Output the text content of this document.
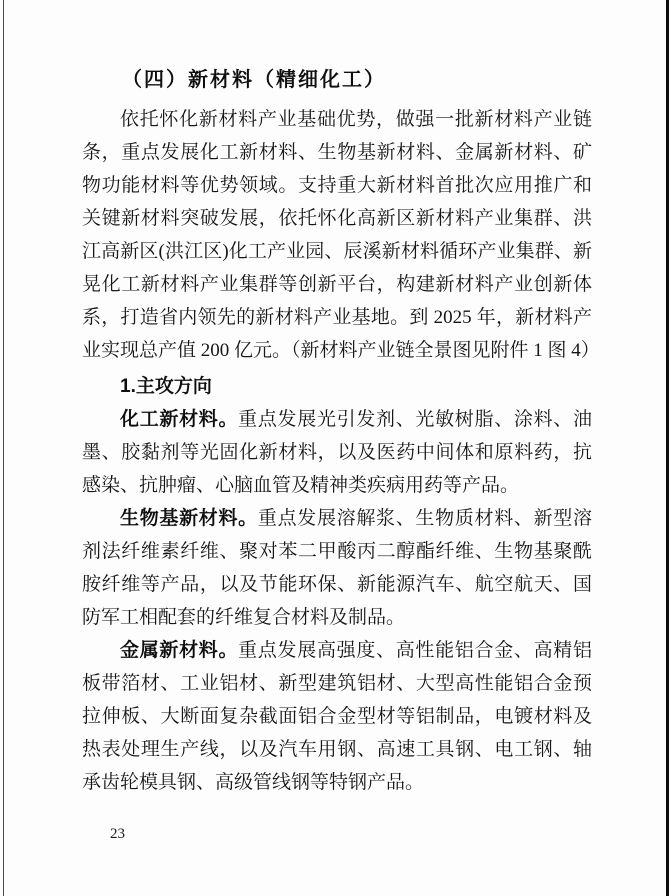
（四）新材料（精细化工）

依托怀化新材料产业基础优势，做强一批新材料产业链条，重点发展化工新材料、生物基新材料、金属新材料、矿物功能材料等优势领域。支持重大新材料首批次应用推广和关键新材料突破发展，依托怀化高新区新材料产业集群、洪江高新区(洪江区)化工产业园、辰溪新材料循环产业集群、新晃化工新材料产业集群等创新平台，构建新材料产业创新体系，打造省内领先的新材料产业基地。到 2025 年，新材料产业实现总产值 200 亿元。（新材料产业链全景图见附件 1 图 4）

1.主攻方向

化工新材料。重点发展光引发剂、光敏树脂、涂料、油墨、胶黏剂等光固化新材料，以及医药中间体和原料药，抗感染、抗肿瘤、心脑血管及精神类疾病用药等产品。

生物基新材料。重点发展溶解浆、生物质材料、新型溶剂法纤维素纤维、聚对苯二甲酸丙二醇酯纤维、生物基聚酰胺纤维等产品，以及节能环保、新能源汽车、航空航天、国防军工相配套的纤维复合材料及制品。

金属新材料。重点发展高强度、高性能铝合金、高精铝板带箔材、工业铝材、新型建筑铝材、大型高性能铝合金预拉伸板、大断面复杂截面铝合金型材等铝制品，电镀材料及热表处理生产线，以及汽车用钢、高速工具钢、电工钢、轴承齿轮模具钢、高级管线钢等特钢产品。

23
